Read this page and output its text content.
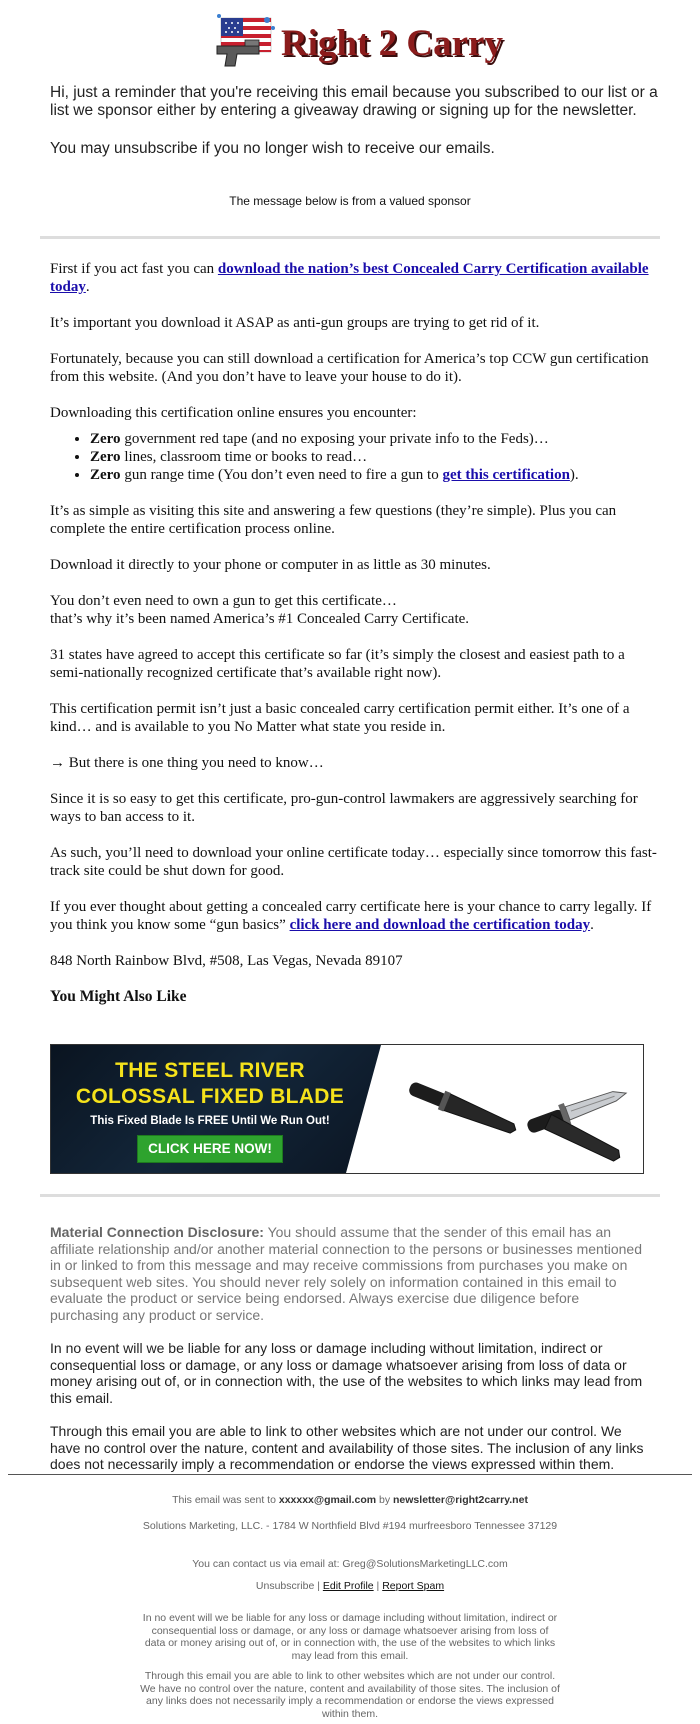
Right 2 Carry

Hi, just a reminder that you're receiving this email because you subscribed to our list or a list we sponsor either by entering a giveaway drawing or signing up for the newsletter.

You may unsubscribe if you no longer wish to receive our emails.

The message below is from a valued sponsor

First if you act fast you can download the nation’s best Concealed Carry Certification available today.

It’s important you download it ASAP as anti-gun groups are trying to get rid of it.

Fortunately, because you can still download a certification for America’s top CCW gun certification from this website. (And you don’t have to leave your house to do it).

Downloading this certification online ensures you encounter:

• Zero government red tape (and no exposing your private info to the Feds)…
• Zero lines, classroom time or books to read…
• Zero gun range time (You don’t even need to fire a gun to get this certification).

It’s as simple as visiting this site and answering a few questions (they’re simple). Plus you can complete the entire certification process online.

Download it directly to your phone or computer in as little as 30 minutes.

You don’t even need to own a gun to get this certificate…
that’s why it’s been named America’s #1 Concealed Carry Certificate.

31 states have agreed to accept this certificate so far (it’s simply the closest and easiest path to a semi-nationally recognized certificate that’s available right now).

This certification permit isn’t just a basic concealed carry certification permit either. It’s one of a kind… and is available to you No Matter what state you reside in.

→ But there is one thing you need to know…

Since it is so easy to get this certificate, pro-gun-control lawmakers are aggressively searching for ways to ban access to it.

As such, you’ll need to download your online certificate today… especially since tomorrow this fast-track site could be shut down for good.

If you ever thought about getting a concealed carry certificate here is your chance to carry legally. If you think you know some “gun basics” click here and download the certification today.

848 North Rainbow Blvd, #508, Las Vegas, Nevada 89107

You Might Also Like
THE STEEL RIVER
COLOSSAL FIXED BLADE
This Fixed Blade Is FREE Until We Run Out!
CLICK HERE NOW!

Material Connection Disclosure: You should assume that the sender of this email has an affiliate relationship and/or another material connection to the persons or businesses mentioned in or linked to from this message and may receive commissions from purchases you make on subsequent web sites. You should never rely solely on information contained in this email to evaluate the product or service being endorsed. Always exercise due diligence before purchasing any product or service.

In no event will we be liable for any loss or damage including without limitation, indirect or consequential loss or damage, or any loss or damage whatsoever arising from loss of data or money arising out of, or in connection with, the use of the websites to which links may lead from this email.

Through this email you are able to link to other websites which are not under our control. We have no control over the nature, content and availability of those sites. The inclusion of any links does not necessarily imply a recommendation or endorse the views expressed within them.

This email was sent to xxxxxx@gmail.com by newsletter@right2carry.net
Solutions Marketing, LLC. - 1784 W Northfield Blvd #194 murfreesboro Tennessee 37129
You can contact us via email at: Greg@SolutionsMarketingLLC.com
Unsubscribe | Edit Profile | Report Spam
In no event will we be liable for any loss or damage including without limitation, indirect or consequential loss or damage, or any loss or damage whatsoever arising from loss of data or money arising out of, or in connection with, the use of the websites to which links may lead from this email.
Through this email you are able to link to other websites which are not under our control. We have no control over the nature, content and availability of those sites. The inclusion of any links does not necessarily imply a recommendation or endorse the views expressed within them.
